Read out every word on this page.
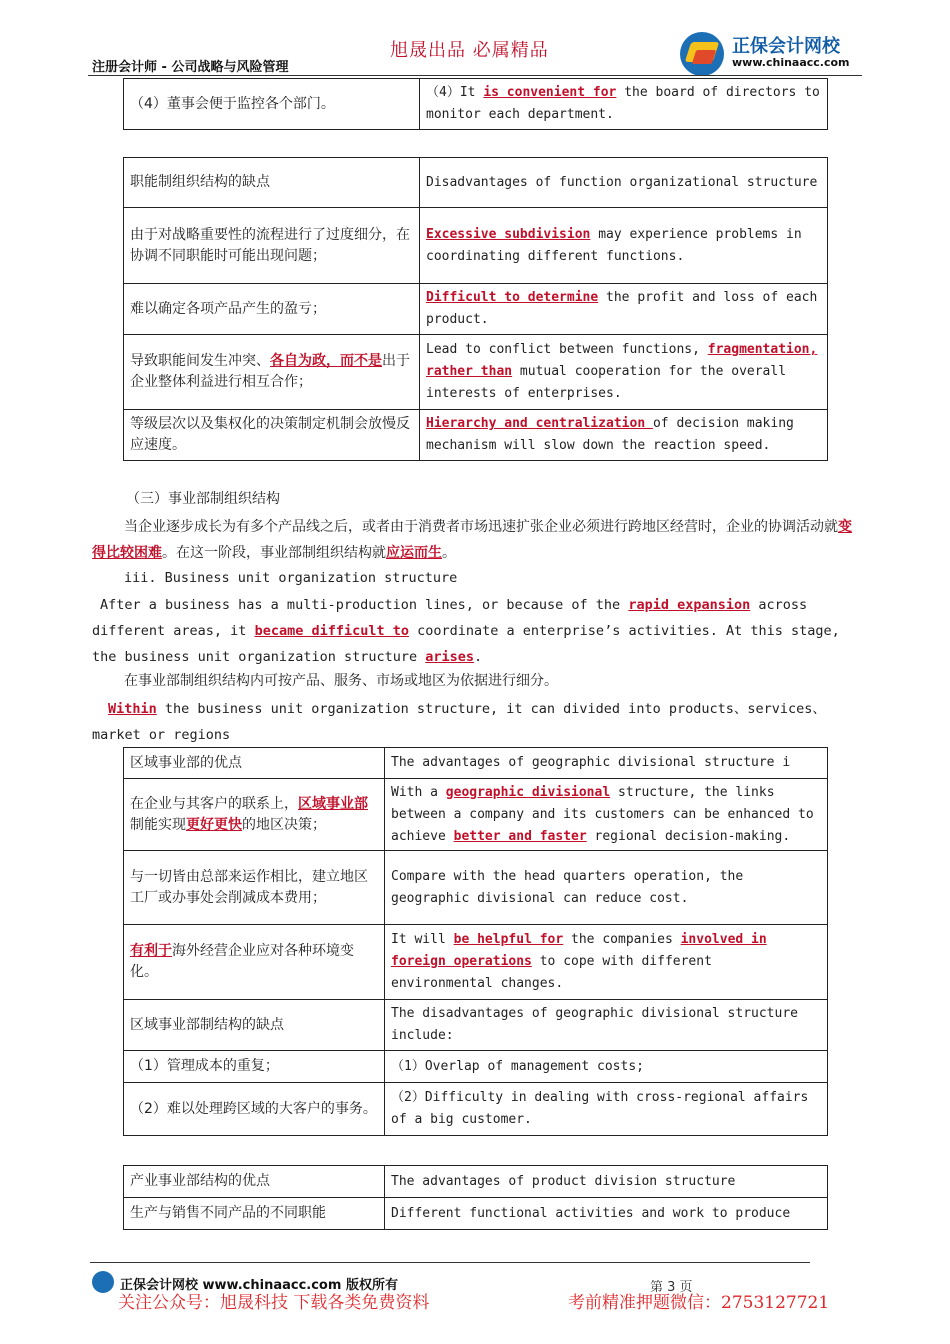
旭晟出品 必属精品
注册会计师 - 公司战略与风险管理
正保会计网校
www.chinaacc.com
（4）董事会便于监控各个部门。	（4）It is convenient for the board of directors to monitor each department.
职能制组织结构的缺点	Disadvantages of function organizational structure
由于对战略重要性的流程进行了过度细分，在协调不同职能时可能出现问题；	Excessive subdivision may experience problems in coordinating different functions.
难以确定各项产品产生的盈亏；	Difficult to determine the profit and loss of each product.
导致职能间发生冲突、各自为政，而不是出于企业整体利益进行相互合作；	Lead to conflict between functions, fragmentation, rather than mutual cooperation for the overall interests of enterprises.
等级层次以及集权化的决策制定机制会放慢反应速度。	Hierarchy and centralization of decision making mechanism will slow down the reaction speed.
（三）事业部制组织结构
当企业逐步成长为有多个产品线之后，或者由于消费者市场迅速扩张企业必须进行跨地区经营时，企业的协调活动就变得比较困难。在这一阶段，事业部制组织结构就应运而生。
iii. Business unit organization structure
After a business has a multi-production lines, or because of the rapid expansion across different areas, it became difficult to coordinate a enterprise’s activities. At this stage, the business unit organization structure arises.
在事业部制组织结构内可按产品、服务、市场或地区为依据进行细分。
Within the business unit organization structure, it can divided into products、services、market or regions
区域事业部的优点	The advantages of geographic divisional structure i
在企业与其客户的联系上，区域事业部制能实现更好更快的地区决策；	With a geographic divisional structure, the links between a company and its customers can be enhanced to achieve better and faster regional decision-making.
与一切皆由总部来运作相比，建立地区工厂或办事处会削减成本费用；	Compare with the head quarters operation, the geographic divisional can reduce cost.
有利于海外经营企业应对各种环境变化。	It will be helpful for the companies involved in foreign operations to cope with different environmental changes.
区域事业部制结构的缺点	The disadvantages of geographic divisional structure include:
（1）管理成本的重复；	（1）Overlap of management costs;
（2）难以处理跨区域的大客户的事务。	（2）Difficulty in dealing with cross-regional affairs of a big customer.
产业事业部结构的优点	The advantages of product division structure
生产与销售不同产品的不同职能	Different functional activities and work to produce
正保会计网校 www.chinaacc.com 版权所有	第 3 页
关注公众号：旭晟科技 下载各类免费资料	考前精准押题微信：2753127721
